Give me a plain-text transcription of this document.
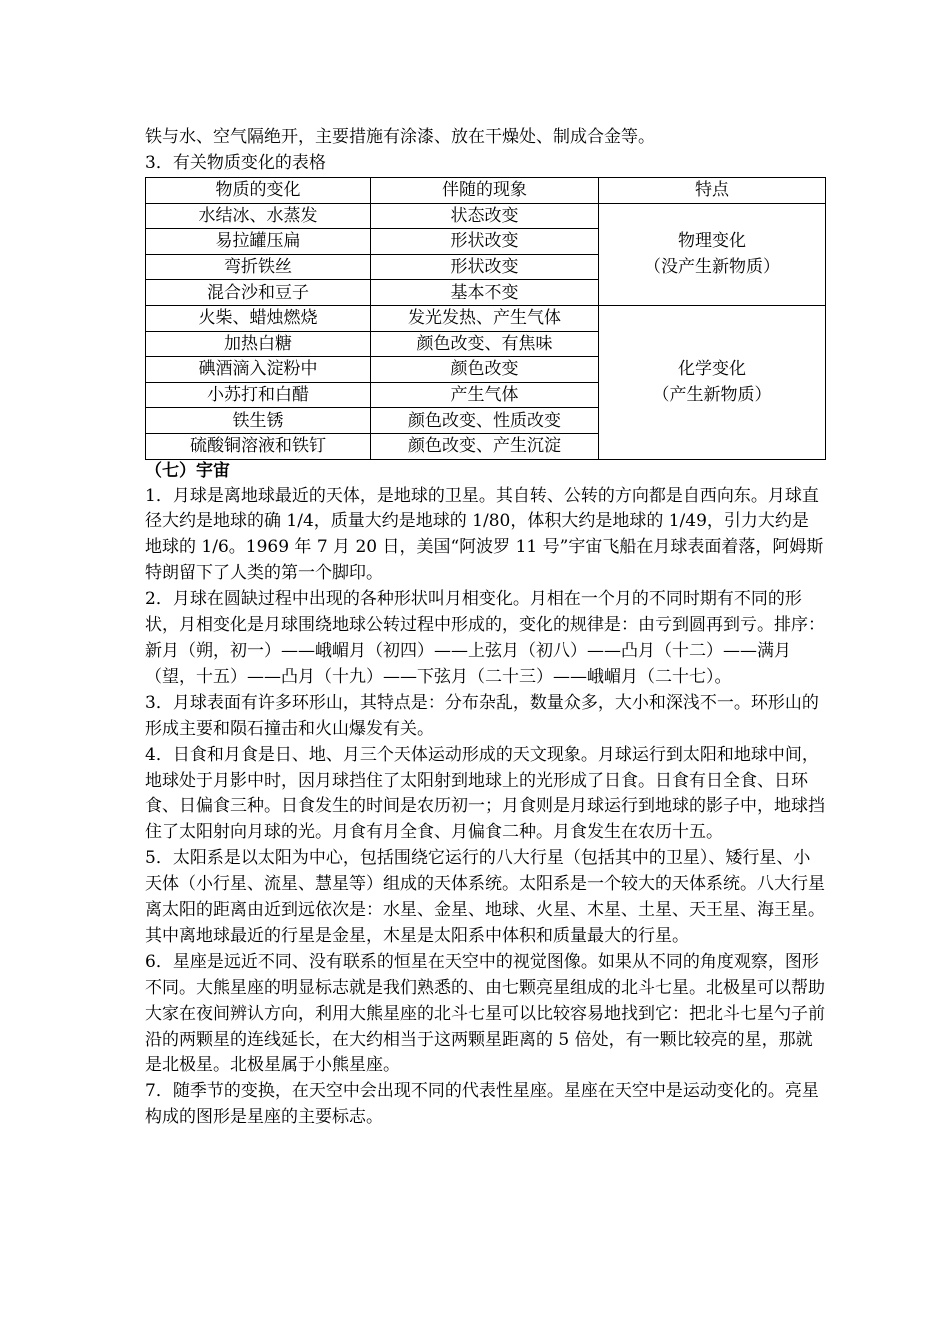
铁与水、空气隔绝开，主要措施有涂漆、放在干燥处、制成合金等。
3．有关物质变化的表格
物质的变化	伴随的现象	特点
水结冰、水蒸发	状态改变	物理变化
（没产生新物质）

易拉罐压扁	形状改变	
弯折铁丝	形状改变	
混合沙和豆子	基本不变	
火柴、蜡烛燃烧	发光发热、产生气体	化学变化
（产生新物质）

加热白糖	颜色改变、有焦味	
碘酒滴入淀粉中	颜色改变	
小苏打和白醋	产生气体	
铁生锈	颜色改变、性质改变	
硫酸铜溶液和铁钉	颜色改变、产生沉淀	
（七）宇宙
1．月球是离地球最近的天体，是地球的卫星。其自转、公转的方向都是自西向东。月球直径大约是地球的确 1/4，质量大约是地球的 1/80，体积大约是地球的 1/49，引力大约是地球的 1/6。1969 年 7 月 20 日，美国“阿波罗 11 号”宇宙飞船在月球表面着落，阿姆斯特朗留下了人类的第一个脚印。
2．月球在圆缺过程中出现的各种形状叫月相变化。月相在一个月的不同时期有不同的形状，月相变化是月球围绕地球公转过程中形成的，变化的规律是：由亏到圆再到亏。排序：新月（朔，初一）——峨嵋月（初四）——上弦月（初八）——凸月（十二）——满月（望，十五）——凸月（十九）——下弦月（二十三）——峨嵋月（二十七）。
3．月球表面有许多环形山，其特点是：分布杂乱，数量众多，大小和深浅不一。环形山的形成主要和陨石撞击和火山爆发有关。
4．日食和月食是日、地、月三个天体运动形成的天文现象。月球运行到太阳和地球中间，地球处于月影中时，因月球挡住了太阳射到地球上的光形成了日食。日食有日全食、日环食、日偏食三种。日食发生的时间是农历初一；月食则是月球运行到地球的影子中，地球挡住了太阳射向月球的光。月食有月全食、月偏食二种。月食发生在农历十五。
5．太阳系是以太阳为中心，包括围绕它运行的八大行星（包括其中的卫星）、矮行星、小天体（小行星、流星、慧星等）组成的天体系统。太阳系是一个较大的天体系统。八大行星离太阳的距离由近到远依次是：水星、金星、地球、火星、木星、土星、天王星、海王星。其中离地球最近的行星是金星，木星是太阳系中体积和质量最大的行星。
6．星座是远近不同、没有联系的恒星在天空中的视觉图像。如果从不同的角度观察，图形不同。大熊星座的明显标志就是我们熟悉的、由七颗亮星组成的北斗七星。北极星可以帮助大家在夜间辨认方向，利用大熊星座的北斗七星可以比较容易地找到它：把北斗七星勺子前沿的两颗星的连线延长，在大约相当于这两颗星距离的 5 倍处，有一颗比较亮的星，那就是北极星。北极星属于小熊星座。
7．随季节的变换，在天空中会出现不同的代表性星座。星座在天空中是运动变化的。亮星构成的图形是星座的主要标志。
